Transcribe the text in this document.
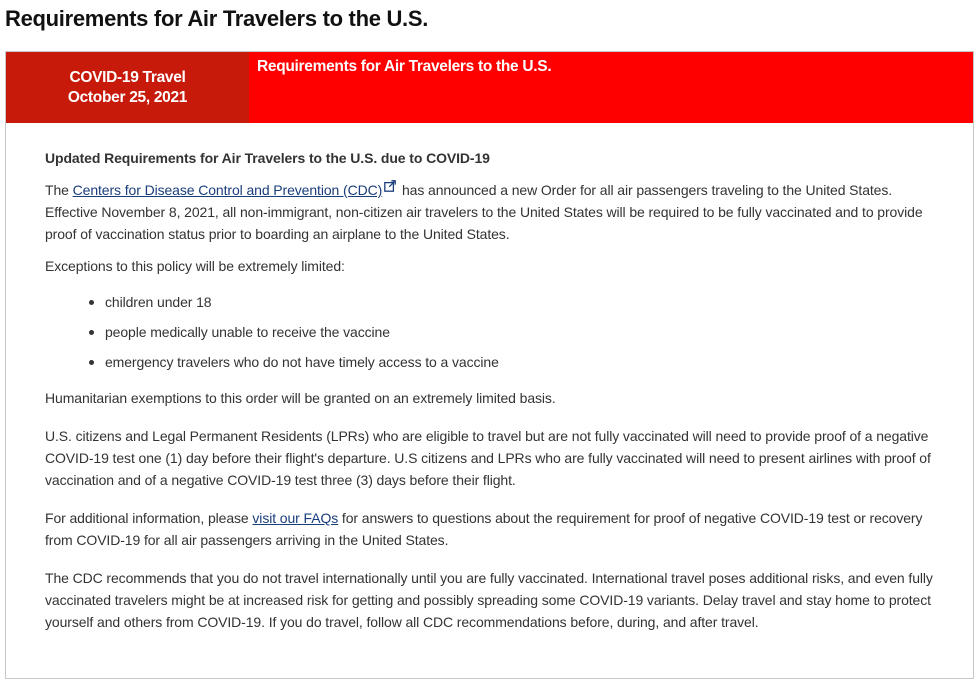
Requirements for Air Travelers to the U.S.
COVID-19 Travel
October 25, 2021
Requirements for Air Travelers to the U.S.
Updated Requirements for Air Travelers to the U.S. due to COVID-19

The Centers for Disease Control and Prevention (CDC) has announced a new Order for all air passengers traveling to the United States. Effective November 8, 2021, all non-immigrant, non-citizen air travelers to the United States will be required to be fully vaccinated and to provide proof of vaccination status prior to boarding an airplane to the United States.

Exceptions to this policy will be extremely limited:

children under 18
people medically unable to receive the vaccine
emergency travelers who do not have timely access to a vaccine

Humanitarian exemptions to this order will be granted on an extremely limited basis.

U.S. citizens and Legal Permanent Residents (LPRs) who are eligible to travel but are not fully vaccinated will need to provide proof of a negative COVID-19 test one (1) day before their flight's departure. U.S citizens and LPRs who are fully vaccinated will need to present airlines with proof of vaccination and of a negative COVID-19 test three (3) days before their flight.

For additional information, please visit our FAQs for answers to questions about the requirement for proof of negative COVID-19 test or recovery from COVID-19 for all air passengers arriving in the United States.

The CDC recommends that you do not travel internationally until you are fully vaccinated. International travel poses additional risks, and even fully vaccinated travelers might be at increased risk for getting and possibly spreading some COVID-19 variants. Delay travel and stay home to protect yourself and others from COVID-19. If you do travel, follow all CDC recommendations before, during, and after travel.
